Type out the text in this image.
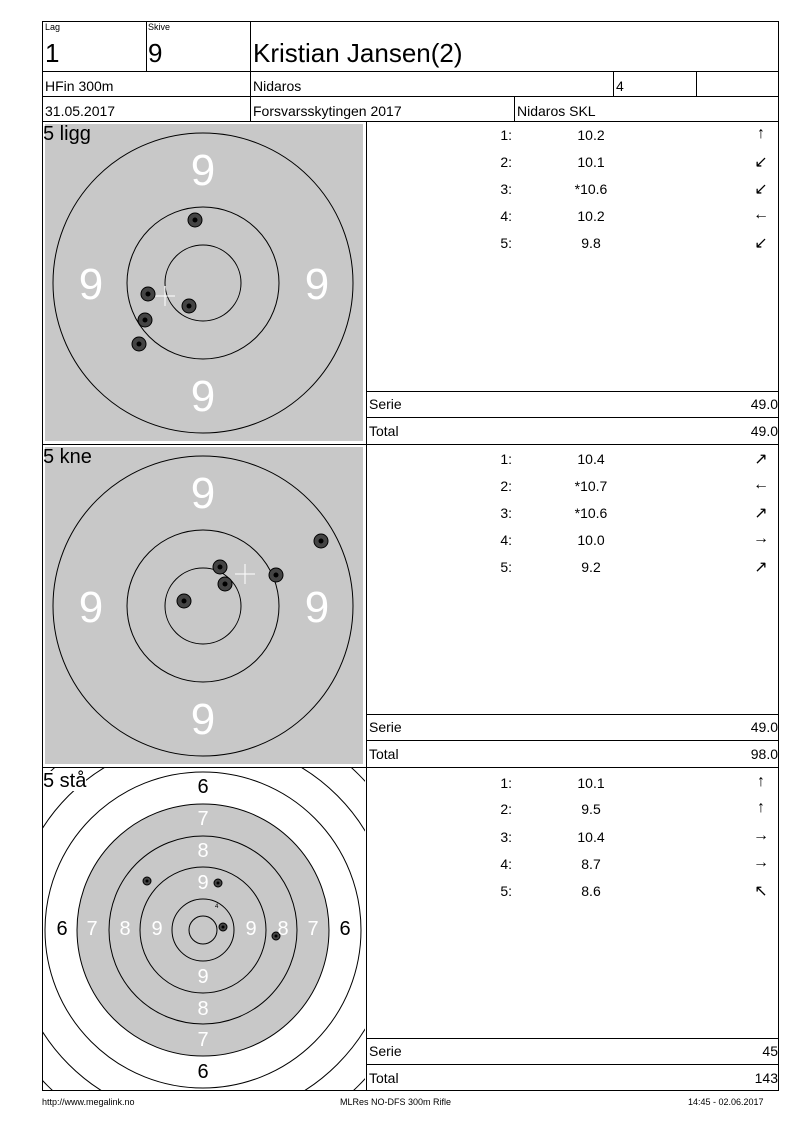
Lag
1
Skive
9	Kristian Jansen(2)
HFin 300m	Nidaros	4
31.05.2017	Forsvarsskytingen 2017	Nidaros SKL
9
9	9
9
5 ligg	1:	10.2	↑
2:	10.1	↙
3:	*10.6	↙
4:	10.2	←
5:	9.8	↙
Serie	49.0
Total	49.0
9
9	9
9
5 kne	1:	10.4	↗
2:	*10.7	←
3:	*10.6	↗
4:	10.0	→
5:	9.2	↗
Serie	49.0
Total	98.0
4
6
7
8
9
9
8
7
6
6 7	8	9	9	8 7	6
5 stå	1:	10.1	↑
2:	9.5	↑
3:	10.4	→
4:	8.7	→
5:	8.6	↖
Serie	45
Total	143
http://www.megalink.no	MLRes NO-DFS 300m Rifle	14:45 - 02.06.2017
